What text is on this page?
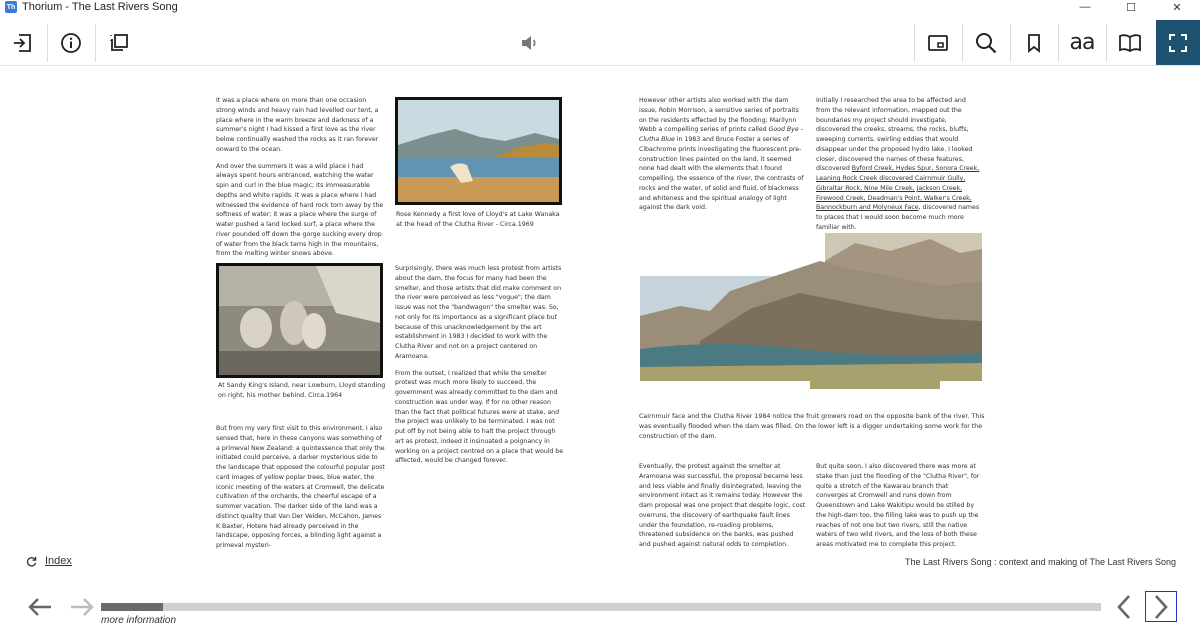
Th Thorium - The Last Rivers Song	—	☐	✕
aa

It was a place where on more than one occasion strong winds and heavy rain had levelled our tent, a place where in the warm breeze and darkness of a summer's night I had kissed a first love as the river below continually washed the rocks as it ran forever onward to the ocean.

And over the summers it was a wild place I had always spent hours entranced, watching the water spin and curl in the blue magic; its immeasurable depths and white rapids. It was a place where I had witnessed the evidence of hard rock torn away by the softness of water; it was a place where the surge of water pushed a land locked surf, a place where the river pounded off down the gorge sucking every drop of water from the black tarns high in the mountains, from the melting winter snows above.

Rose Kennedy a first love of Lloyd's at Lake Wanaka at the head of the Clutha River - Circa.1969
At Sandy King's Island, near Lowburn, Lloyd standing on right, his mother behind. Circa.1964

But from my very first visit to this environment, I also sensed that, here in these canyons was something of a primeval New Zealand: a quintessence that only the initiated could perceive, a darker mysterious side to the landscape that opposed the colourful popular post card images of yellow poplar trees, blue water, the iconic meeting of the waters at Cromwell, the delicate cultivation of the orchards, the cheerful escape of a summer vacation. The darker side of the land was a distinct quality that Van Der Velden, McCahon, James K Baxter, Hotere had already perceived in the landscape, opposing forces, a blinding light against a primeval mysteri-

Surprisingly, there was much less protest from artists about the dam, the focus for many had been the smelter, and those artists that did make comment on the river were perceived as less "vogue"; the dam issue was not the "bandwagon" the smelter was. So, not only for its importance as a significant place but because of this unacknowledgement by the art establishment in 1983 I decided to work with the Clutha River and not on a project centered on Aramoana.

From the outset, I realized that while the smelter protest was much more likely to succeed, the government was already committed to the dam and construction was under way. If for no other reason than the fact that political futures were at stake, and the project was unlikely to be terminated. I was not put off by not being able to halt the project through art as protest, indeed it insinuated a poignancy in working on a project centred on a place that would be affected, would be changed forever.

However other artists also worked with the dam issue, Robin Morrison, a sensitive series of portraits on the residents effected by the flooding; Marilynn Webb a compelling series of prints called Good Bye - Clutha Blue in 1983 and Bruce Foster a series of Cibachrome prints investigating the fluorescent pre-construction lines painted on the land, it seemed none had dealt with the elements that I found compelling, the essence of the river, the contrasts of rocks and the water, of solid and fluid, of blackness and whiteness and the spiritual analogy of light against the dark void.

Initially I researched the area to be affected and from the relevant information, mapped out the boundaries my project should investigate, discovered the creeks, streams, the rocks, bluffs, sweeping currents, swirling eddies that would disappear under the proposed hydro lake. I looked closer, discovered the names of these features, discovered Byford Creek, Hydes Spur, Sonora Creek, Leaning Rock Creek discovered Cairnmuir Gully, Gibraltar Rock, Nine Mile Creek, Jackson Creek, Firewood Creek, Deadman's Point, Walker's Creek, Bannockburn and Molyneux Face, discovered names to places that I would soon become much more familiar with.

Cairnmuir face and the Clutha River 1984 notice the fruit growers road on the opposite bank of the river. This was eventually flooded when the dam was filled. On the lower left is a digger undertaking some work for the construction of the dam.

Eventually, the protest against the smelter at Aramoana was successful, the proposal became less and less viable and finally disintegrated, leaving the environment intact as it remains today. However the dam proposal was one project that despite logic, cost overruns, the discovery of earthquake fault lines under the foundation, re-roading problems, threatened subsidence on the banks, was pushed and pushed against natural odds to completion.

But quite soon, I also discovered there was more at stake than just the flooding of the "Clutha River", for quite a stretch of the Kawarau branch that converges at Cromwell and runs down from Queenstown and Lake Wakitipu would be stilled by the high-dam too, the filling lake was to push up the reaches of not one but two rivers, still the native waters of two wild rivers, and the loss of both these areas motivated me to complete this project.

Index	The Last Rivers Song : context and making of The Last Rivers Song
more information
